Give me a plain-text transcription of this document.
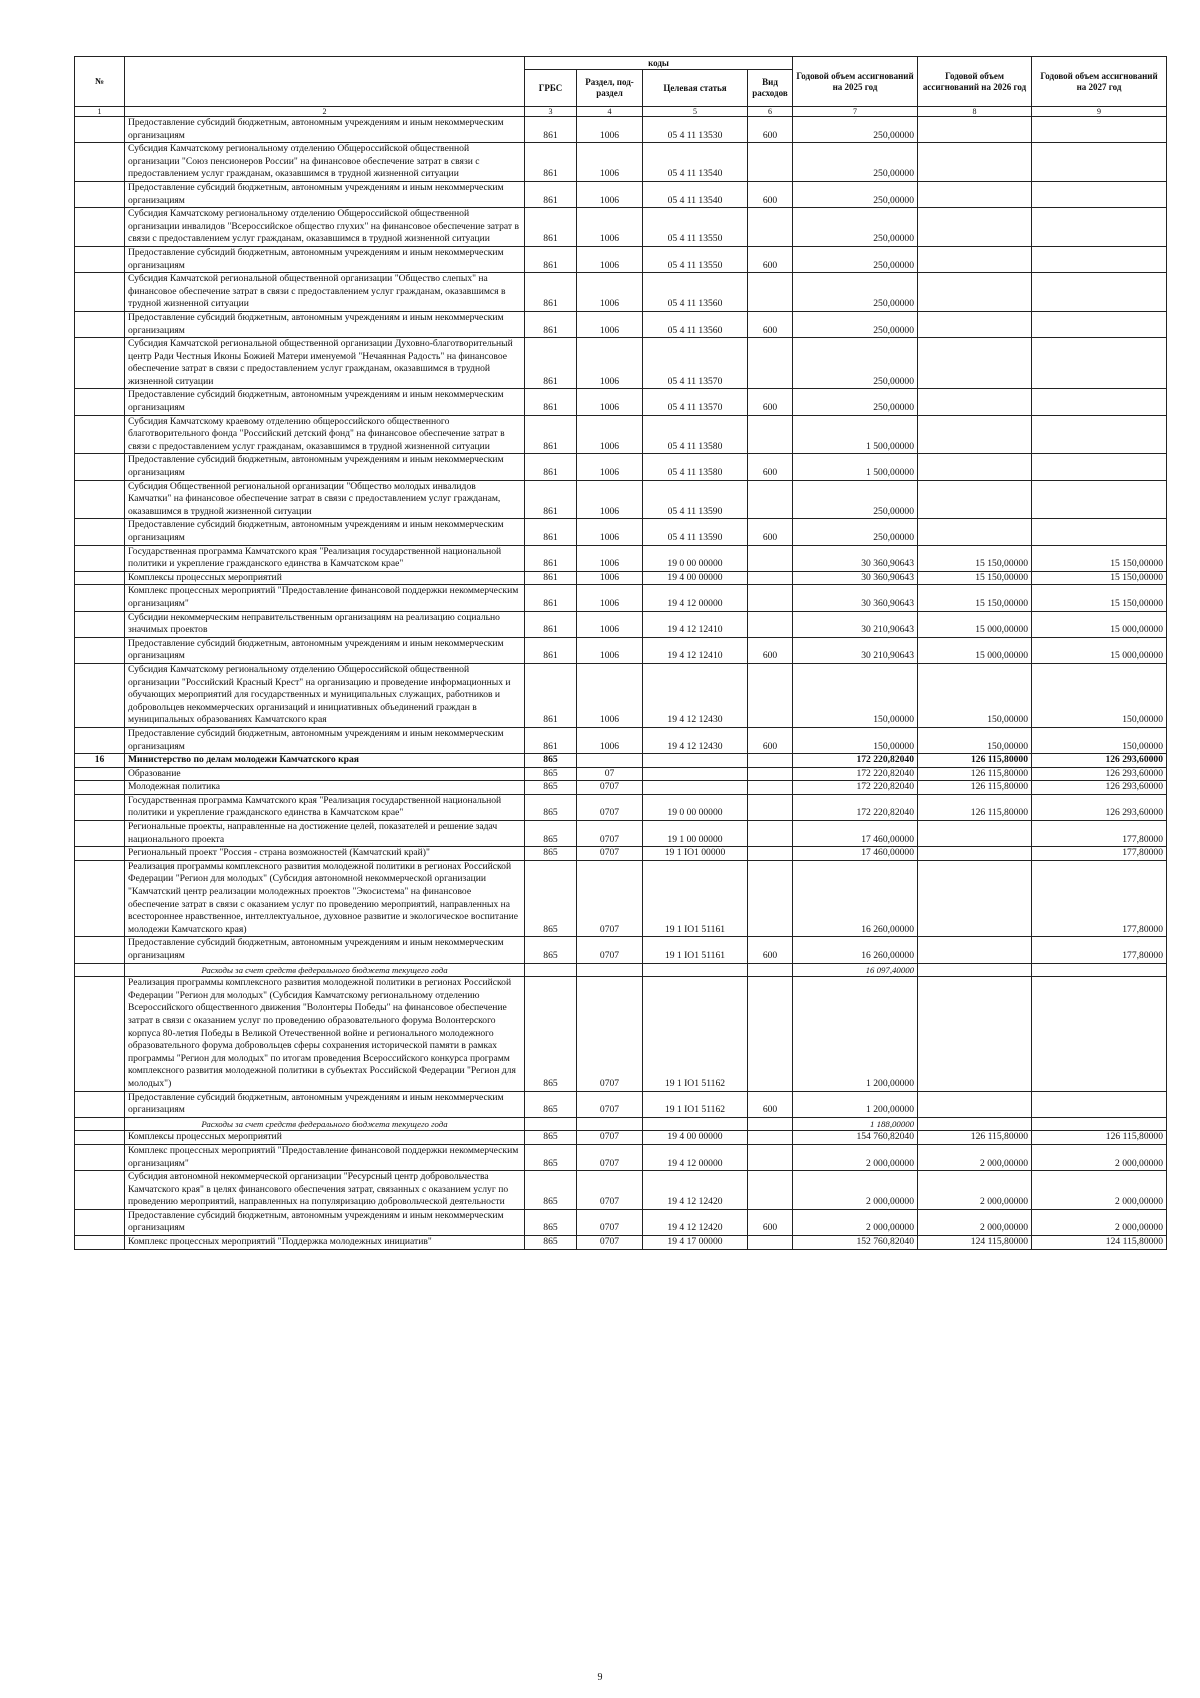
№		коды				Годовой объем ассигнований на 2025 год	Годовой объем ассигнований на 2026 год	Годовой объем ассигнований на 2027 год
		ГРБС	Раздел, под-раздел	Целевая статья	Вид расходов			
1	2	3	4	5	6	7	8	9
	Предоставление субсидий бюджетным, автономным учреждениям и иным некоммерческим организациям	861	1006	05 4 11 13530	600	250,00000		
	Субсидия Камчатскому региональному отделению Общероссийской общественной организации "Союз пенсионеров России" на финансовое обеспечение затрат в связи с предоставлением услуг гражданам, оказавшимся в трудной жизненной ситуации	861	1006	05 4 11 13540		250,00000		
	Предоставление субсидий бюджетным, автономным учреждениям и иным некоммерческим организациям	861	1006	05 4 11 13540	600	250,00000		
	Субсидия Камчатскому региональному отделению Общероссийской общественной организации инвалидов "Всероссийское общество глухих" на финансовое обеспечение затрат в связи с предоставлением услуг гражданам, оказавшимся в трудной жизненной ситуации	861	1006	05 4 11 13550		250,00000		
	Предоставление субсидий бюджетным, автономным учреждениям и иным некоммерческим организациям	861	1006	05 4 11 13550	600	250,00000		
	Субсидия Камчатской региональной общественной организации "Общество слепых" на финансовое обеспечение затрат в связи с предоставлением услуг гражданам, оказавшимся в трудной жизненной ситуации	861	1006	05 4 11 13560		250,00000		
	Предоставление субсидий бюджетным, автономным учреждениям и иным некоммерческим организациям	861	1006	05 4 11 13560	600	250,00000		
	Субсидия Камчатской региональной общественной организации Духовно-благотворительный центр Ради Честныя Иконы Божией Матери именуемой "Нечаянная Радость" на финансовое обеспечение затрат в связи с предоставлением услуг гражданам, оказавшимся в трудной жизненной ситуации	861	1006	05 4 11 13570		250,00000		
	Предоставление субсидий бюджетным, автономным учреждениям и иным некоммерческим организациям	861	1006	05 4 11 13570	600	250,00000		
	Субсидия Камчатскому краевому отделению общероссийского общественного благотворительного фонда "Российский детский фонд" на финансовое обеспечение затрат в связи с предоставлением услуг гражданам, оказавшимся в трудной жизненной ситуации	861	1006	05 4 11 13580		1 500,00000		
	Предоставление субсидий бюджетным, автономным учреждениям и иным некоммерческим организациям	861	1006	05 4 11 13580	600	1 500,00000		
	Субсидия Общественной региональной организации "Общество молодых инвалидов Камчатки" на финансовое обеспечение затрат в связи с предоставлением услуг гражданам, оказавшимся в трудной жизненной ситуации	861	1006	05 4 11 13590		250,00000		
	Предоставление субсидий бюджетным, автономным учреждениям и иным некоммерческим организациям	861	1006	05 4 11 13590	600	250,00000		
	Государственная программа Камчатского края "Реализация государственной национальной политики и укрепление гражданского единства в Камчатском крае"	861	1006	19 0 00 00000		30 360,90643	15 150,00000	15 150,00000
	Комплексы процессных мероприятий	861	1006	19 4 00 00000		30 360,90643	15 150,00000	15 150,00000
	Комплекс процессных мероприятий "Предоставление финансовой поддержки некоммерческим организациям"	861	1006	19 4 12 00000		30 360,90643	15 150,00000	15 150,00000
	Субсидии некоммерческим неправительственным организациям на реализацию социально значимых проектов	861	1006	19 4 12 12410		30 210,90643	15 000,00000	15 000,00000
	Предоставление субсидий бюджетным, автономным учреждениям и иным некоммерческим организациям	861	1006	19 4 12 12410	600	30 210,90643	15 000,00000	15 000,00000
	Субсидия Камчатскому региональному отделению Общероссийской общественной организации "Российский Красный Крест" на организацию и проведение информационных и обучающих мероприятий для государственных и муниципальных служащих, работников и добровольцев некоммерческих организаций и инициативных объединений граждан в муниципальных образованиях Камчатского края	861	1006	19 4 12 12430		150,00000	150,00000	150,00000
	Предоставление субсидий бюджетным, автономным учреждениям и иным некоммерческим организациям	861	1006	19 4 12 12430	600	150,00000	150,00000	150,00000
16	Министерство по делам молодежи Камчатского края	865				172 220,82040	126 115,80000	126 293,60000
	Образование	865	07			172 220,82040	126 115,80000	126 293,60000
	Молодежная политика	865	0707			172 220,82040	126 115,80000	126 293,60000
	Государственная программа Камчатского края "Реализация государственной национальной политики и укрепление гражданского единства в Камчатском крае"	865	0707	19 0 00 00000		172 220,82040	126 115,80000	126 293,60000
	Региональные проекты, направленные на достижение целей, показателей и решение задач национального проекта	865	0707	19 1 00 00000		17 460,00000		177,80000
	Региональный проект "Россия - страна возможностей (Камчатский край)"	865	0707	19 1 IO1 00000		17 460,00000		177,80000
	Реализация программы комплексного развития молодежной политики в регионах Российской Федерации "Регион для молодых" (Субсидия автономной некоммерческой организации "Камчатский центр реализации молодежных проектов "Экосистема" на финансовое обеспечение затрат в связи с оказанием услуг по проведению мероприятий, направленных на всестороннее нравственное, интеллектуальное, духовное развитие и экологическое воспитание молодежи Камчатского края)	865	0707	19 1 IO1 51161		16 260,00000		177,80000
	Предоставление субсидий бюджетным, автономным учреждениям и иным некоммерческим организациям	865	0707	19 1 IO1 51161	600	16 260,00000		177,80000
	Расходы за счет средств федерального бюджета текущего года					16 097,40000		
	Реализация программы комплексного развития молодежной политики в регионах Российской Федерации "Регион для молодых" (Субсидия Камчатскому региональному отделению Всероссийского общественного движения "Волонтеры Победы" на финансовое обеспечение затрат в связи с оказанием услуг по проведению образовательного форума Волонтерского корпуса 80-летия Победы в Великой Отечественной войне и регионального молодежного образовательного форума добровольцев сферы сохранения исторической памяти в рамках программы "Регион для молодых" по итогам проведения Всероссийского конкурса программ комплексного развития молодежной политики в субъектах Российской Федерации "Регион для молодых")	865	0707	19 1 IO1 51162		1 200,00000		
	Предоставление субсидий бюджетным, автономным учреждениям и иным некоммерческим организациям	865	0707	19 1 IO1 51162	600	1 200,00000		
	Расходы за счет средств федерального бюджета текущего года					1 188,00000		
	Комплексы процессных мероприятий	865	0707	19 4 00 00000		154 760,82040	126 115,80000	126 115,80000
	Комплекс процессных мероприятий "Предоставление финансовой поддержки некоммерческим организациям"	865	0707	19 4 12 00000		2 000,00000	2 000,00000	2 000,00000
	Субсидия автономной некоммерческой организации "Ресурсный центр добровольчества Камчатского края" в целях финансового обеспечения затрат, связанных с оказанием услуг по проведению мероприятий, направленных на популяризацию добровольческой деятельности	865	0707	19 4 12 12420		2 000,00000	2 000,00000	2 000,00000
	Предоставление субсидий бюджетным, автономным учреждениям и иным некоммерческим организациям	865	0707	19 4 12 12420	600	2 000,00000	2 000,00000	2 000,00000
	Комплекс процессных мероприятий "Поддержка молодежных инициатив"	865	0707	19 4 17 00000		152 760,82040	124 115,80000	124 115,80000
9
